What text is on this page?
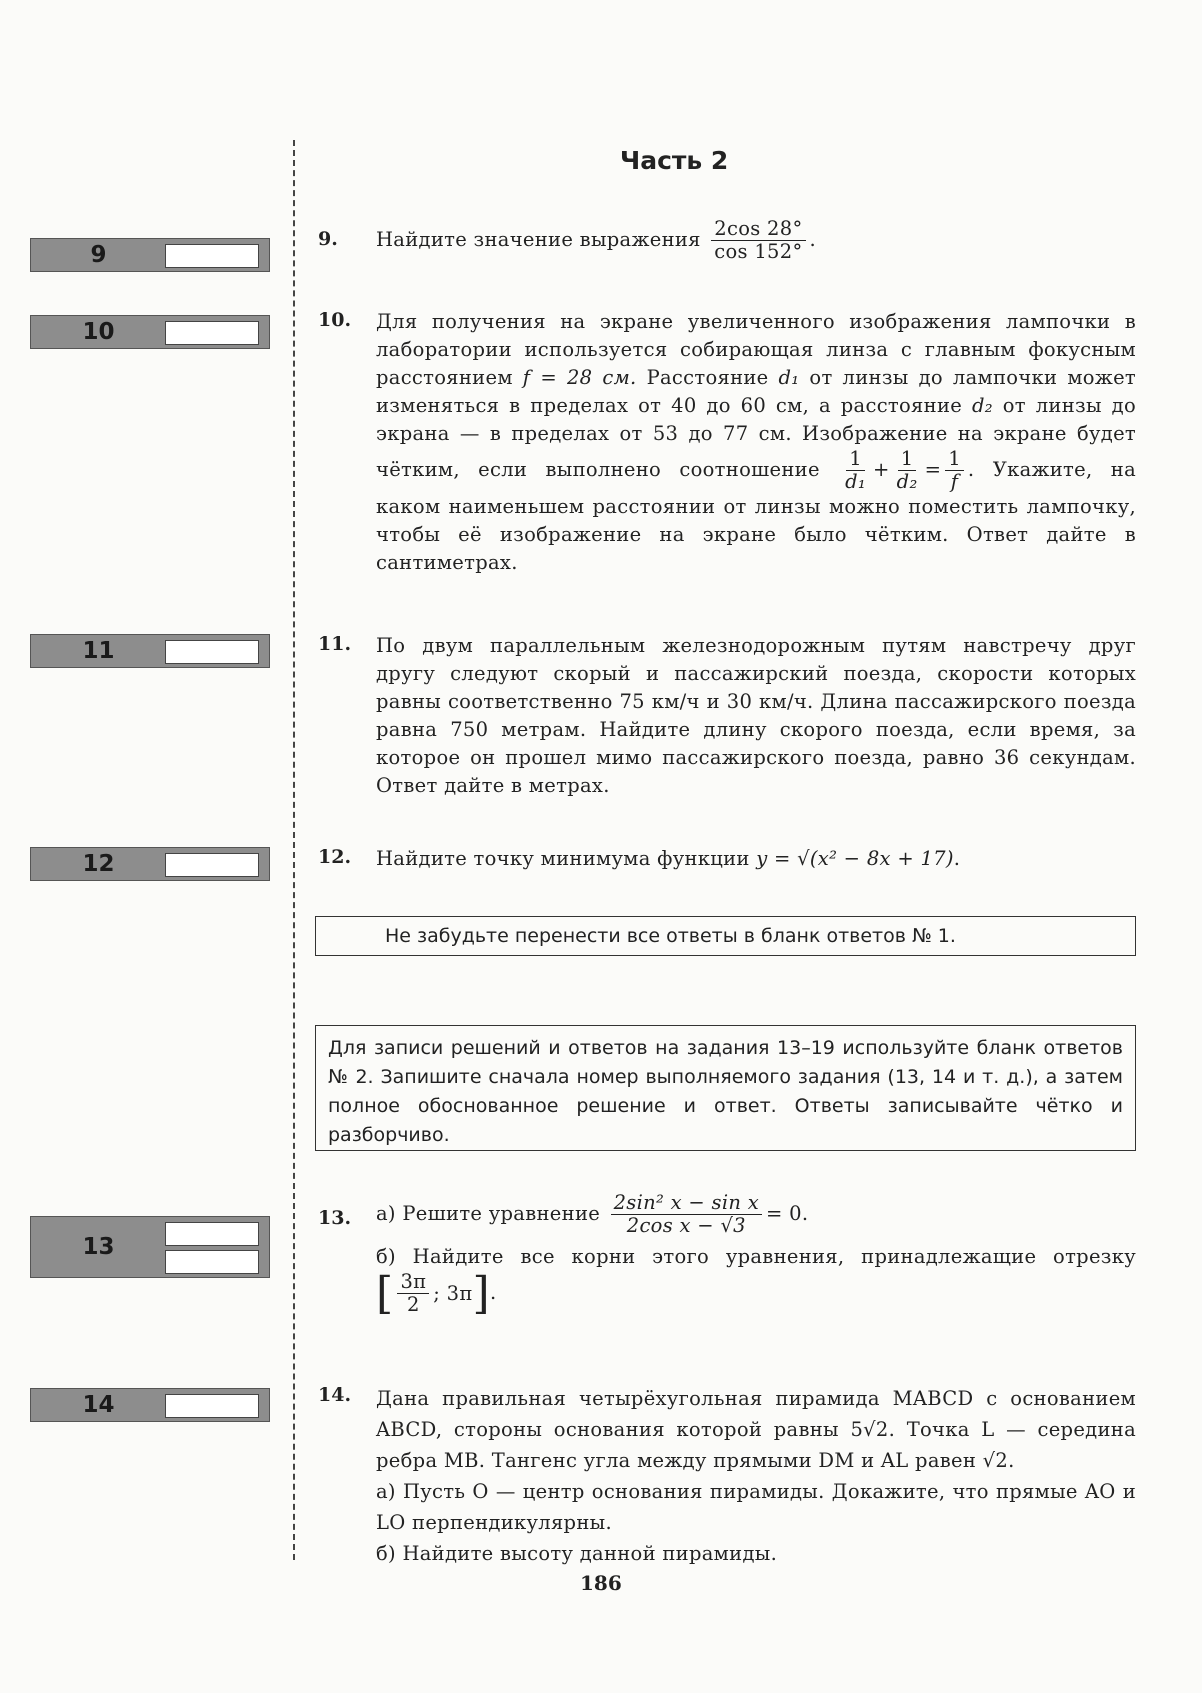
Часть 2
9
10
11
12
13
14
9. Найдите значение выражения $\frac{2\cos 28^\circ}{\cos 152^\circ}$ .
10. Для получения на экране увеличенного изображения лампочки в лаборатории используется собирающая линза с главным фокусным расстоянием f = 28 см. Расстояние d₁ от линзы до лампочки может изменяться в пределах от 40 до 60 см, а расстояние d₂ от линзы до экрана — в пределах от 53 до 77 см. Изображение на экране будет чётким, если выполнено соотношение $\frac{1}{\text{d₁}} + \frac{1}{\text{d₂}} = \frac{1}{f}$ . Укажите, на каком наименьшем расстоянии от линзы можно поместить лампочку, чтобы её изображение на экране было чётким. Ответ дайте в сантиметрах.
11. По двум параллельным железнодорожным путям навстречу друг другу следуют скорый и пассажирский поезда, скорости которых равны соответственно 75 км/ч и 30 км/ч. Длина пассажирского поезда равна 750 метрам. Найдите длину скорого поезда, если время, за которое он прошел мимо пассажирского поезда, равно 36 секундам. Ответ дайте в метрах.
12. Найдите точку минимума функции y = √(x² − 8x + 17).
Не забудьте перенести все ответы в бланк ответов № 1.
Для записи решений и ответов на задания 13–19 используйте бланк ответов № 2. Запишите сначала номер выполняемого задания (13, 14 и т. д.), а затем полное обоснованное решение и ответ. Ответы записывайте чётко и разборчиво.
13. а) Решите уравнение $\frac{\text{2sin² x − sin x}}{\text{2cos x − √3}} = 0$.
б) Найдите все корни этого уравнения, принадлежащие отрезку [ $\frac{3\pi}{2}$ ; 3π ].
14. Дана правильная четырёхугольная пирамида MABCD с основанием ABCD, стороны основания которой равны 5√2. Точка L — середина ребра MB. Тангенс угла между прямыми DM и AL равен √2.
а) Пусть O — центр основания пирамиды. Докажите, что прямые AO и LO перпендикулярны.
б) Найдите высоту данной пирамиды.
186
